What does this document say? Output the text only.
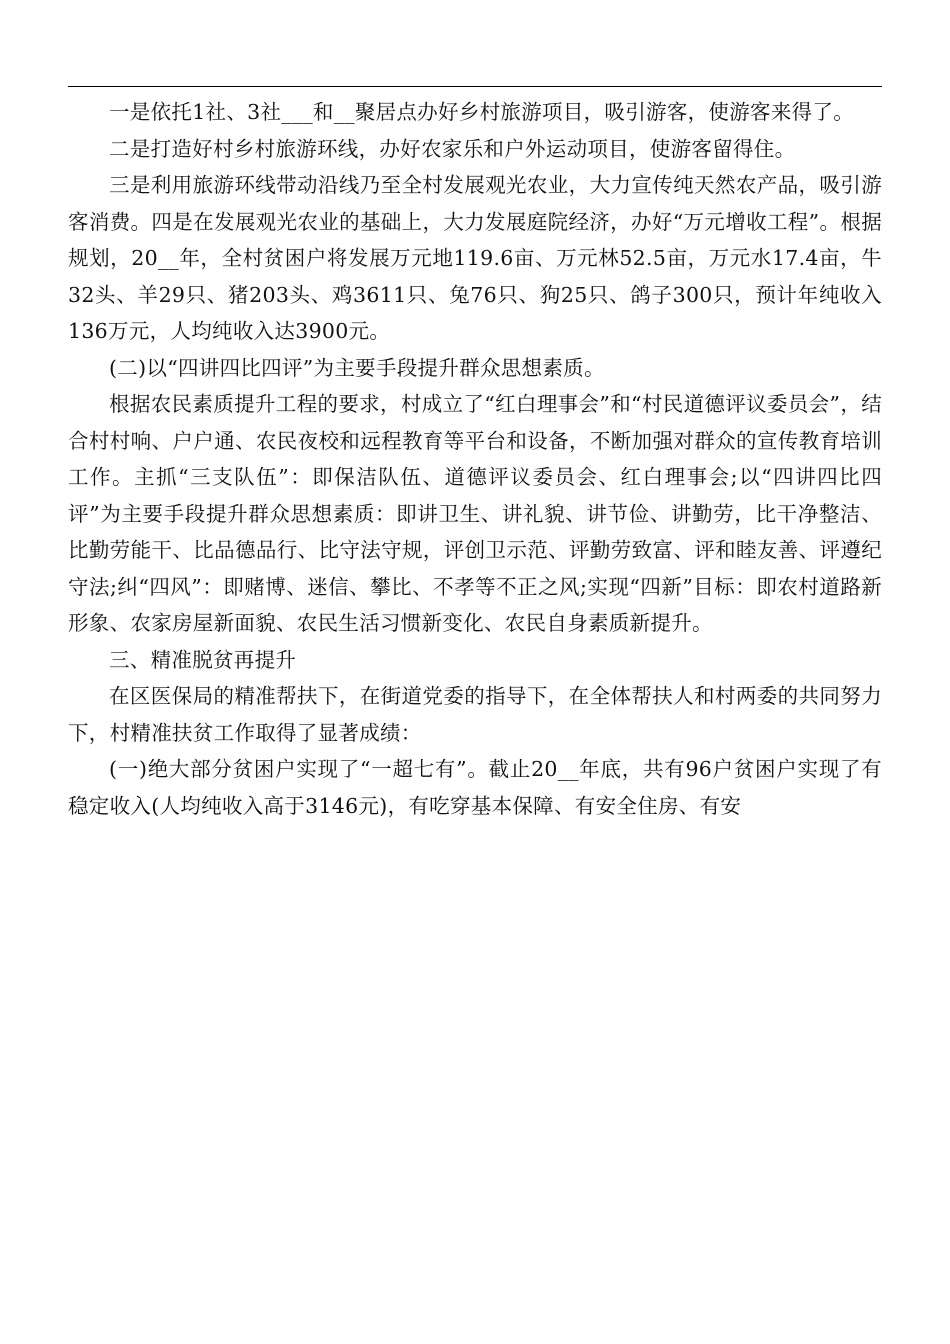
一是依托1社、3社___和__聚居点办好乡村旅游项目，吸引游客，使游客来得了。

二是打造好村乡村旅游环线，办好农家乐和户外运动项目，使游客留得住。

三是利用旅游环线带动沿线乃至全村发展观光农业，大力宣传纯天然农产品，吸引游客消费。四是在发展观光农业的基础上，大力发展庭院经济，办好“万元增收工程”。根据规划，20__年，全村贫困户将发展万元地119.6亩、万元林52.5亩，万元水17.4亩，牛32头、羊29只、猪203头、鸡3611只、兔76只、狗25只、鸽子300只，预计年纯收入136万元，人均纯收入达3900元。

(二)以“四讲四比四评”为主要手段提升群众思想素质。

根据农民素质提升工程的要求，村成立了“红白理事会”和“村民道德评议委员会”，结合村村响、户户通、农民夜校和远程教育等平台和设备，不断加强对群众的宣传教育培训工作。主抓“三支队伍”：即保洁队伍、道德评议委员会、红白理事会;以“四讲四比四评”为主要手段提升群众思想素质：即讲卫生、讲礼貌、讲节俭、讲勤劳，比干净整洁、比勤劳能干、比品德品行、比守法守规，评创卫示范、评勤劳致富、评和睦友善、评遵纪守法;纠“四风”：即赌博、迷信、攀比、不孝等不正之风;实现“四新”目标：即农村道路新形象、农家房屋新面貌、农民生活习惯新变化、农民自身素质新提升。

三、精准脱贫再提升

在区医保局的精准帮扶下，在街道党委的指导下，在全体帮扶人和村两委的共同努力下，村精准扶贫工作取得了显著成绩：

(一)绝大部分贫困户实现了“一超七有”。截止20__年底，共有96户贫困户实现了有稳定收入(人均纯收入高于3146元)，有吃穿基本保障、有安全住房、有安
